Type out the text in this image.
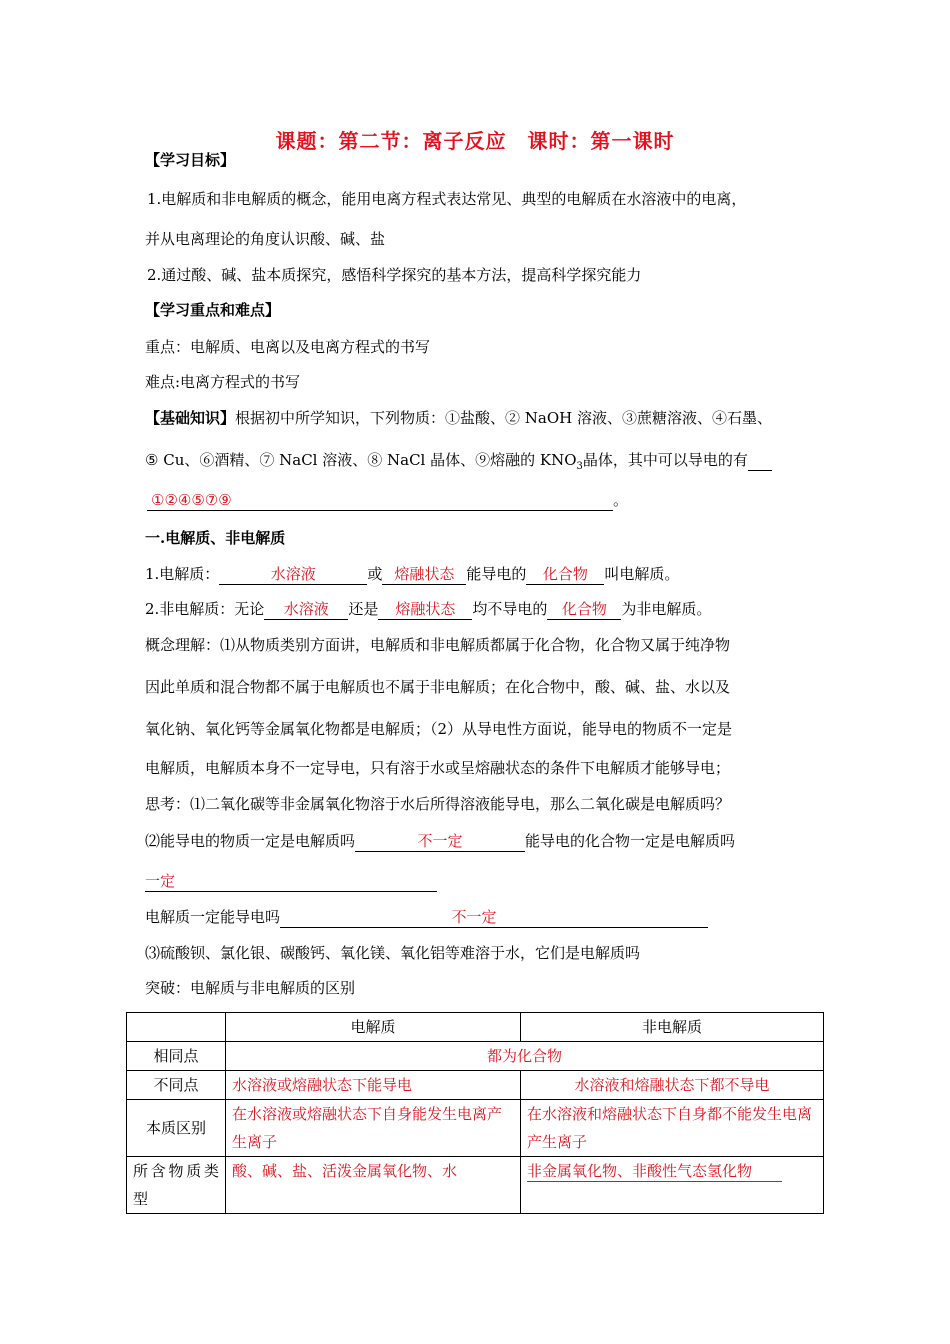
课题：第二节：离子反应　课时：第一课时
【学习目标】
1.电解质和非电解质的概念，能用电离方程式表达常见、典型的电解质在水溶液中的电离，
并从电离理论的角度认识酸、碱、盐
2.通过酸、碱、盐本质探究，感悟科学探究的基本方法，提高科学探究能力
【学习重点和难点】
重点：电解质、电离以及电离方程式的书写
难点:电离方程式的书写
【基础知识】根据初中所学知识，下列物质：①盐酸、② NaOH 溶液、③蔗糖溶液、④石墨、
⑤ Cu、⑥酒精、⑦ NaCl 溶液、⑧ NaCl 晶体、⑨熔融的 $KNO_3$晶体，其中可以导电的有
①②④⑤⑦⑨	。
一.电解质、非电解质
1.电解质：	水溶液	或 熔融状态 能导电的 化合物 叫电解质。
2.非电解质：无论 水溶液 还是 熔融状态 均不导电的 化合物 为非电解质。
概念理解：⑴从物质类别方面讲，电解质和非电解质都属于化合物，化合物又属于纯净物
因此单质和混合物都不属于电解质也不属于非电解质；在化合物中，酸、碱、盐、水以及
氧化钠、氧化钙等金属氧化物都是电解质；（2）从导电性方面说，能导电的物质不一定是
电解质，电解质本身不一定导电，只有溶于水或呈熔融状态的条件下电解质才能够导电；
思考：⑴二氧化碳等非金属氧化物溶于水后所得溶液能导电，那么二氧化碳是电解质吗？
⑵能导电的物质一定是电解质吗	不一定	能导电的化合物一定是电解质吗
一定
电解质一定能导电吗	不一定
⑶硫酸钡、氯化银、碳酸钙、氧化镁、氧化铝等难溶于水，它们是电解质吗
突破：电解质与非电解质的区别
	电解质	非电解质
相同点	都为化合物	
不同点	水溶液或熔融状态下能导电	水溶液和熔融状态下都不导电
本质区别	在水溶液或熔融状态下自身能发生电离产生离子	在水溶液和熔融状态下自身都不能发生电离产生离子

所含物质类型	酸、碱、盐、活泼金属氧化物、水	非金属氧化物、非酸性气态氢化物
